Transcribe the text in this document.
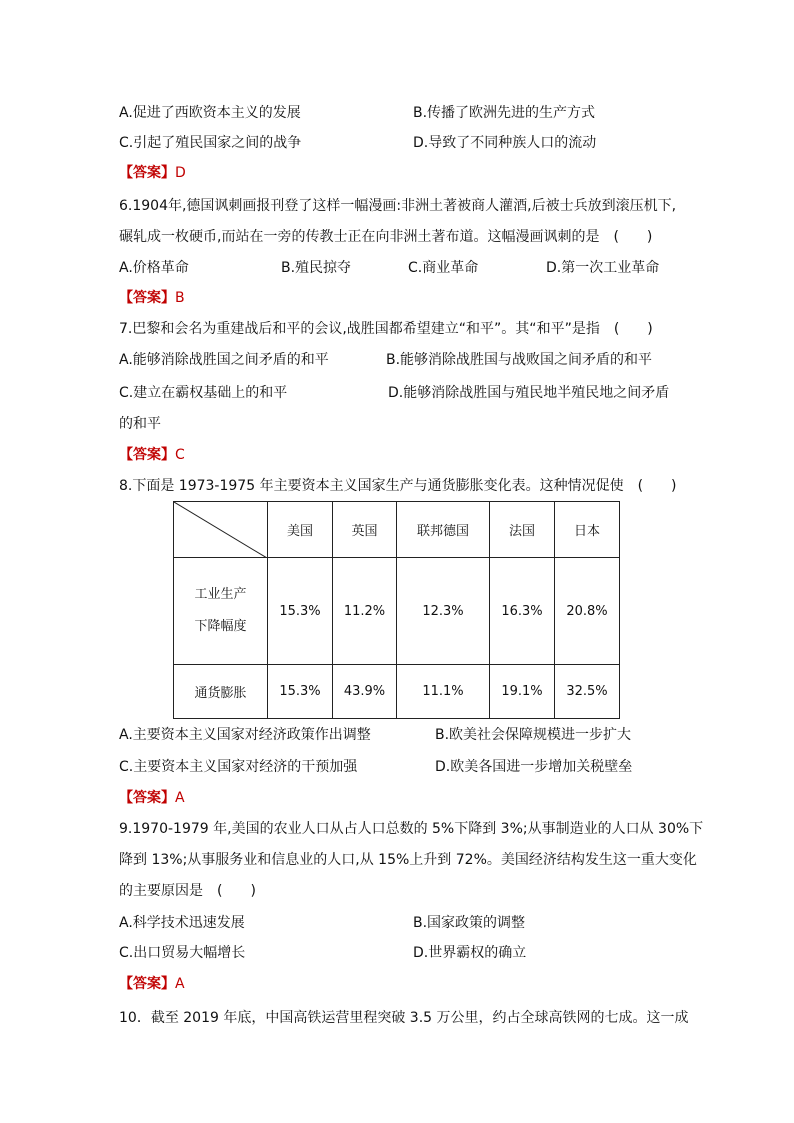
A.促进了西欧资本主义的发展	B.传播了欧洲先进的生产方式
C.引起了殖民国家之间的战争	D.导致了不同种族人口的流动
【答案】D
6.1904年,德国讽刺画报刊登了这样一幅漫画:非洲土著被商人灌酒,后被士兵放到滚压机下,
碾轧成一枚硬币,而站在一旁的传教士正在向非洲土著布道。这幅漫画讽刺的是　(　　)
A.价格革命	B.殖民掠夺	C.商业革命	D.第一次工业革命
【答案】B
7.巴黎和会名为重建战后和平的会议,战胜国都希望建立“和平”。其“和平”是指　(　　)
A.能够消除战胜国之间矛盾的和平	B.能够消除战胜国与战败国之间矛盾的和平
C.建立在霸权基础上的和平	D.能够消除战胜国与殖民地半殖民地之间矛盾
的和平
【答案】C
8.下面是 1973-1975 年主要资本主义国家生产与通货膨胀变化表。这种情况促使　(　　)
	美国	英国	联邦德国	法国	日本

工业生产
下降幅度	15.3%	11.2%	12.3%	16.3%	20.8%
通货膨胀	15.3%	43.9%	11.1%	19.1%	32.5%
A.主要资本主义国家对经济政策作出调整	B.欧美社会保障规模进一步扩大
C.主要资本主义国家对经济的干预加强	D.欧美各国进一步增加关税壁垒
【答案】A
9.1970-1979 年,美国的农业人口从占人口总数的 5%下降到 3%;从事制造业的人口从 30%下
降到 13%;从事服务业和信息业的人口,从 15%上升到 72%。美国经济结构发生这一重大变化
的主要原因是　(　　)
A.科学技术迅速发展	B.国家政策的调整
C.出口贸易大幅增长	D.世界霸权的确立
【答案】A
10．截至 2019 年底，中国高铁运营里程突破 3.5 万公里，约占全球高铁网的七成。这一成
